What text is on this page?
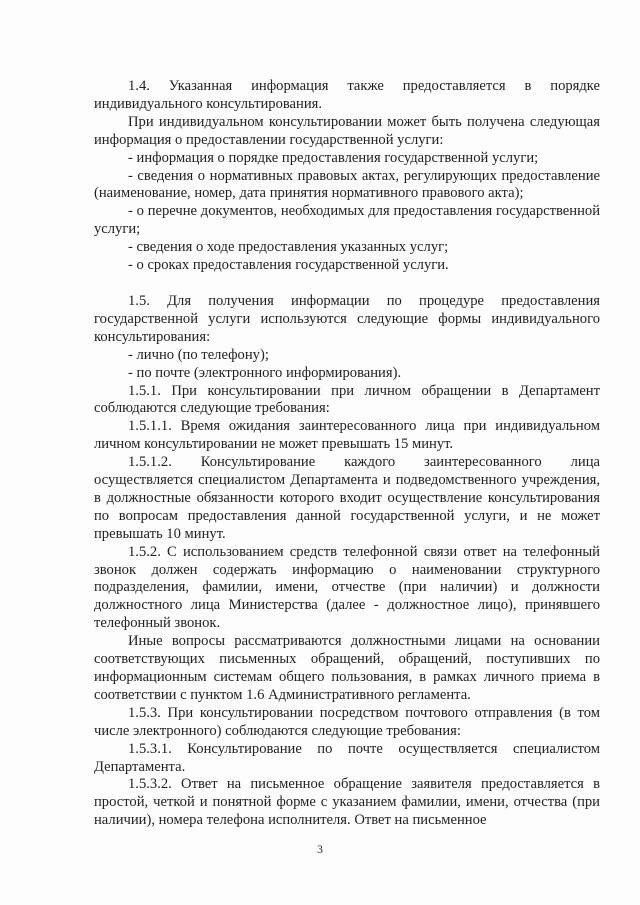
1.4. Указанная информация также предоставляется в порядке индивидуального консультирования.

При индивидуальном консультировании может быть получена следующая информация о предоставлении государственной услуги:

- информация о порядке предоставления государственной услуги;

- сведения о нормативных правовых актах, регулирующих предоставление (наименование, номер, дата принятия нормативного правового акта);

- о перечне документов, необходимых для предоставления государственной услуги;

- сведения о ходе предоставления указанных услуг;

- о сроках предоставления государственной услуги.

1.5. Для получения информации по процедуре предоставления государственной услуги используются следующие формы индивидуального консультирования:

- лично (по телефону);

- по почте (электронного информирования).

1.5.1. При консультировании при личном обращении в Департамент соблюдаются следующие требования:

1.5.1.1. Время ожидания заинтересованного лица при индивидуальном личном консультировании не может превышать 15 минут.

1.5.1.2. Консультирование каждого заинтересованного лица осуществляется специалистом Департамента и подведомственного учреждения, в должностные обязанности которого входит осуществление консультирования по вопросам предоставления данной государственной услуги, и не может превышать 10 минут.

1.5.2. С использованием средств телефонной связи ответ на телефонный звонок должен содержать информацию о наименовании структурного подразделения, фамилии, имени, отчестве (при наличии) и должности должностного лица Министерства (далее - должностное лицо), принявшего телефонный звонок.

Иные вопросы рассматриваются должностными лицами на основании соответствующих письменных обращений, обращений, поступивших по информационным системам общего пользования, в рамках личного приема в соответствии с пунктом 1.6 Административного регламента.

1.5.3. При консультировании посредством почтового отправления (в том числе электронного) соблюдаются следующие требования:

1.5.3.1. Консультирование по почте осуществляется специалистом Департамента.

1.5.3.2. Ответ на письменное обращение заявителя предоставляется в простой, четкой и понятной форме с указанием фамилии, имени, отчества (при наличии), номера телефона исполнителя. Ответ на письменное

3
